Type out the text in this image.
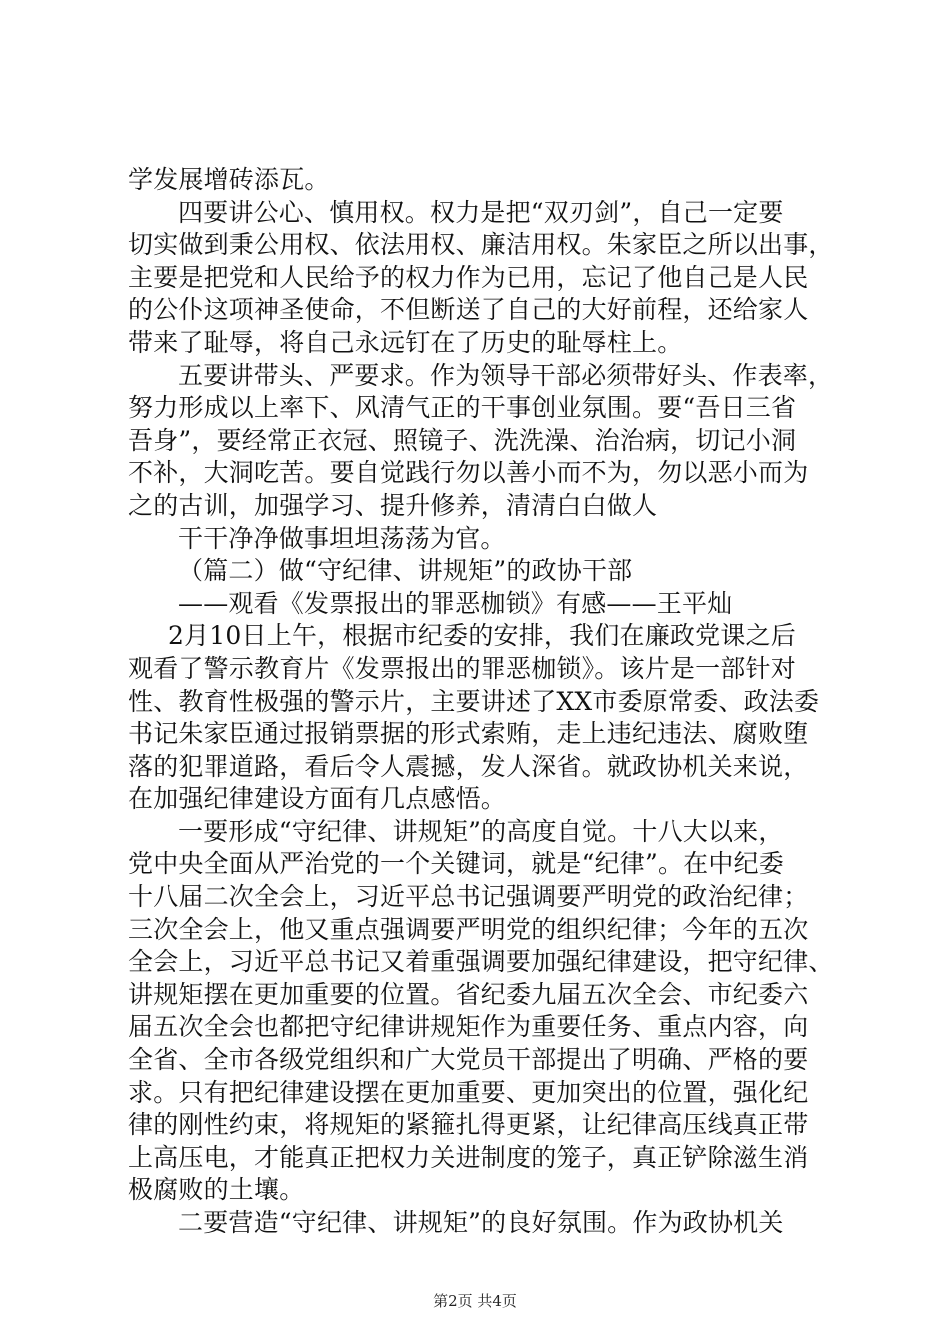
学发展增砖添瓦。
四要讲公心、慎用权。权力是把“双刃剑”，自己一定要
切实做到秉公用权、依法用权、廉洁用权。朱家臣之所以出事，
主要是把党和人民给予的权力作为已用，忘记了他自己是人民
的公仆这项神圣使命，不但断送了自己的大好前程，还给家人
带来了耻辱，将自己永远钉在了历史的耻辱柱上。
五要讲带头、严要求。作为领导干部必须带好头、作表率，
努力形成以上率下、风清气正的干事创业氛围。要“吾日三省
吾身”，要经常正衣冠、照镜子、洗洗澡、治治病，切记小洞
不补，大洞吃苦。要自觉践行勿以善小而不为，勿以恶小而为
之的古训，加强学习、提升修养，清清白白做人
干干净净做事坦坦荡荡为官。
（篇二）做“守纪律、讲规矩”的政协干部
——观看《发票报出的罪恶枷锁》有感——王平灿
2月10日上午，根据市纪委的安排，我们在廉政党课之后
观看了警示教育片《发票报出的罪恶枷锁》。该片是一部针对
性、教育性极强的警示片，主要讲述了XX市委原常委、政法委
书记朱家臣通过报销票据的形式索贿，走上违纪违法、腐败堕
落的犯罪道路，看后令人震撼，发人深省。就政协机关来说，
在加强纪律建设方面有几点感悟。
一要形成“守纪律、讲规矩”的高度自觉。十八大以来，
党中央全面从严治党的一个关键词，就是“纪律”。在中纪委
十八届二次全会上，习近平总书记强调要严明党的政治纪律；
三次全会上，他又重点强调要严明党的组织纪律；今年的五次
全会上，习近平总书记又着重强调要加强纪律建设，把守纪律、
讲规矩摆在更加重要的位置。省纪委九届五次全会、市纪委六
届五次全会也都把守纪律讲规矩作为重要任务、重点内容，向
全省、全市各级党组织和广大党员干部提出了明确、严格的要
求。只有把纪律建设摆在更加重要、更加突出的位置，强化纪
律的刚性约束，将规矩的紧箍扎得更紧，让纪律高压线真正带
上高压电，才能真正把权力关进制度的笼子，真正铲除滋生消
极腐败的土壤。
二要营造“守纪律、讲规矩”的良好氛围。作为政协机关
第2页 共4页
